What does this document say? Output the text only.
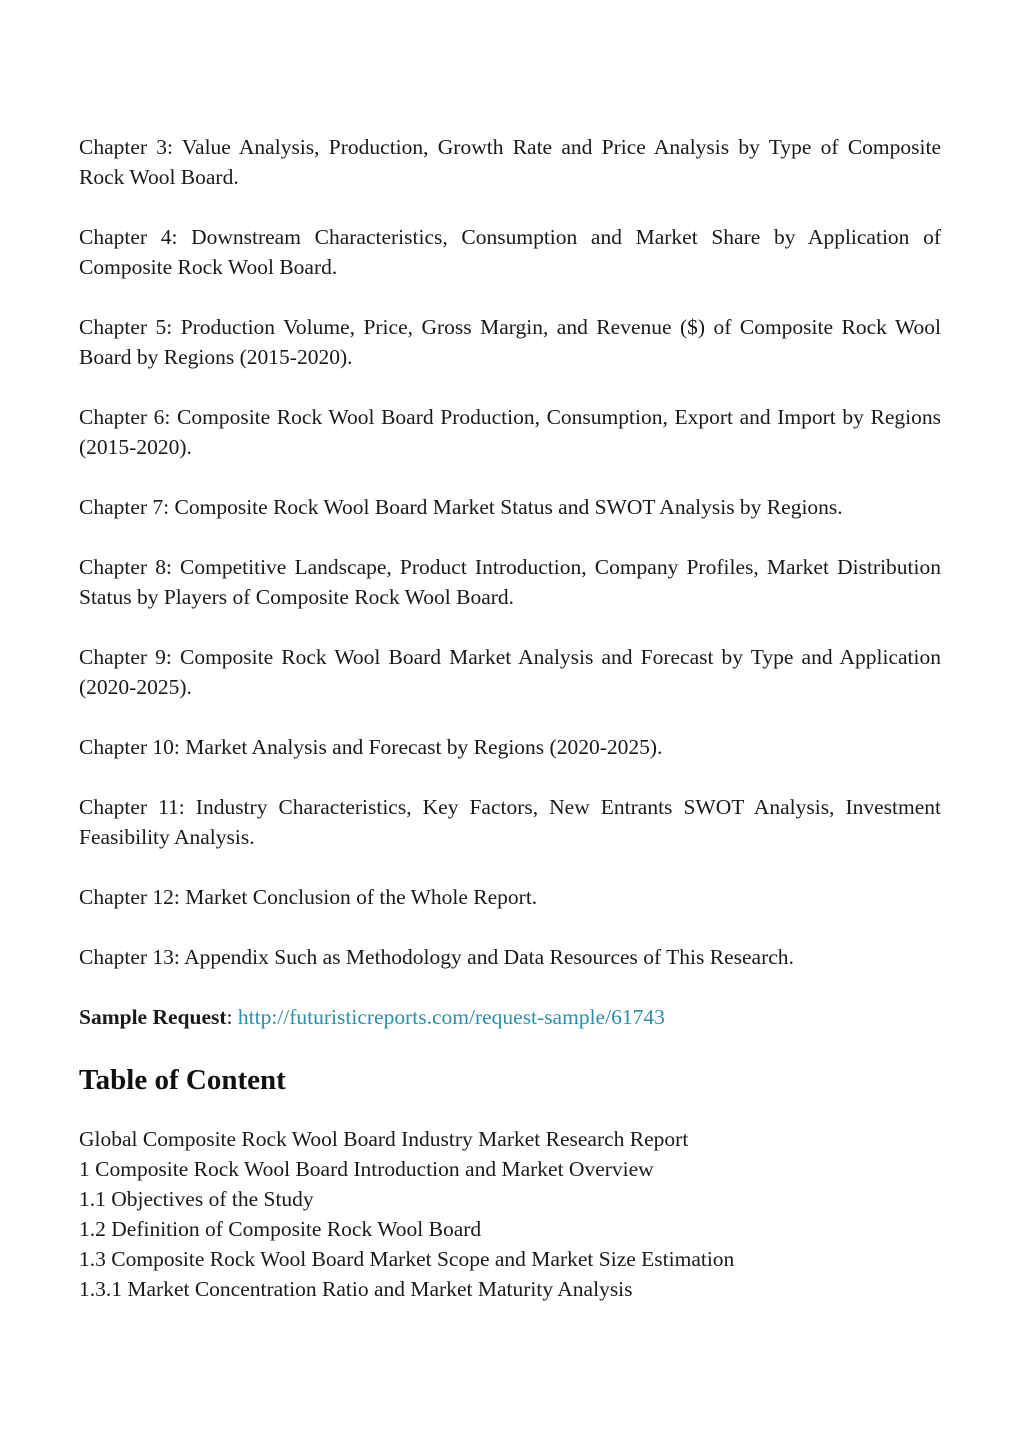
Chapter 3: Value Analysis, Production, Growth Rate and Price Analysis by Type of Composite Rock Wool Board.

Chapter 4: Downstream Characteristics, Consumption and Market Share by Application of Composite Rock Wool Board.

Chapter 5: Production Volume, Price, Gross Margin, and Revenue ($) of Composite Rock Wool Board by Regions (2015-2020).

Chapter 6: Composite Rock Wool Board Production, Consumption, Export and Import by Regions (2015-2020).

Chapter 7: Composite Rock Wool Board Market Status and SWOT Analysis by Regions.

Chapter 8: Competitive Landscape, Product Introduction, Company Profiles, Market Distribution Status by Players of Composite Rock Wool Board.

Chapter 9: Composite Rock Wool Board Market Analysis and Forecast by Type and Application (2020-2025).

Chapter 10: Market Analysis and Forecast by Regions (2020-2025).

Chapter 11: Industry Characteristics, Key Factors, New Entrants SWOT Analysis, Investment Feasibility Analysis.

Chapter 12: Market Conclusion of the Whole Report.

Chapter 13: Appendix Such as Methodology and Data Resources of This Research.

Sample Request: http://futuristicreports.com/request-sample/61743

Table of Content
Global Composite Rock Wool Board Industry Market Research Report
1 Composite Rock Wool Board Introduction and Market Overview
1.1 Objectives of the Study
1.2 Definition of Composite Rock Wool Board
1.3 Composite Rock Wool Board Market Scope and Market Size Estimation
1.3.1 Market Concentration Ratio and Market Maturity Analysis
